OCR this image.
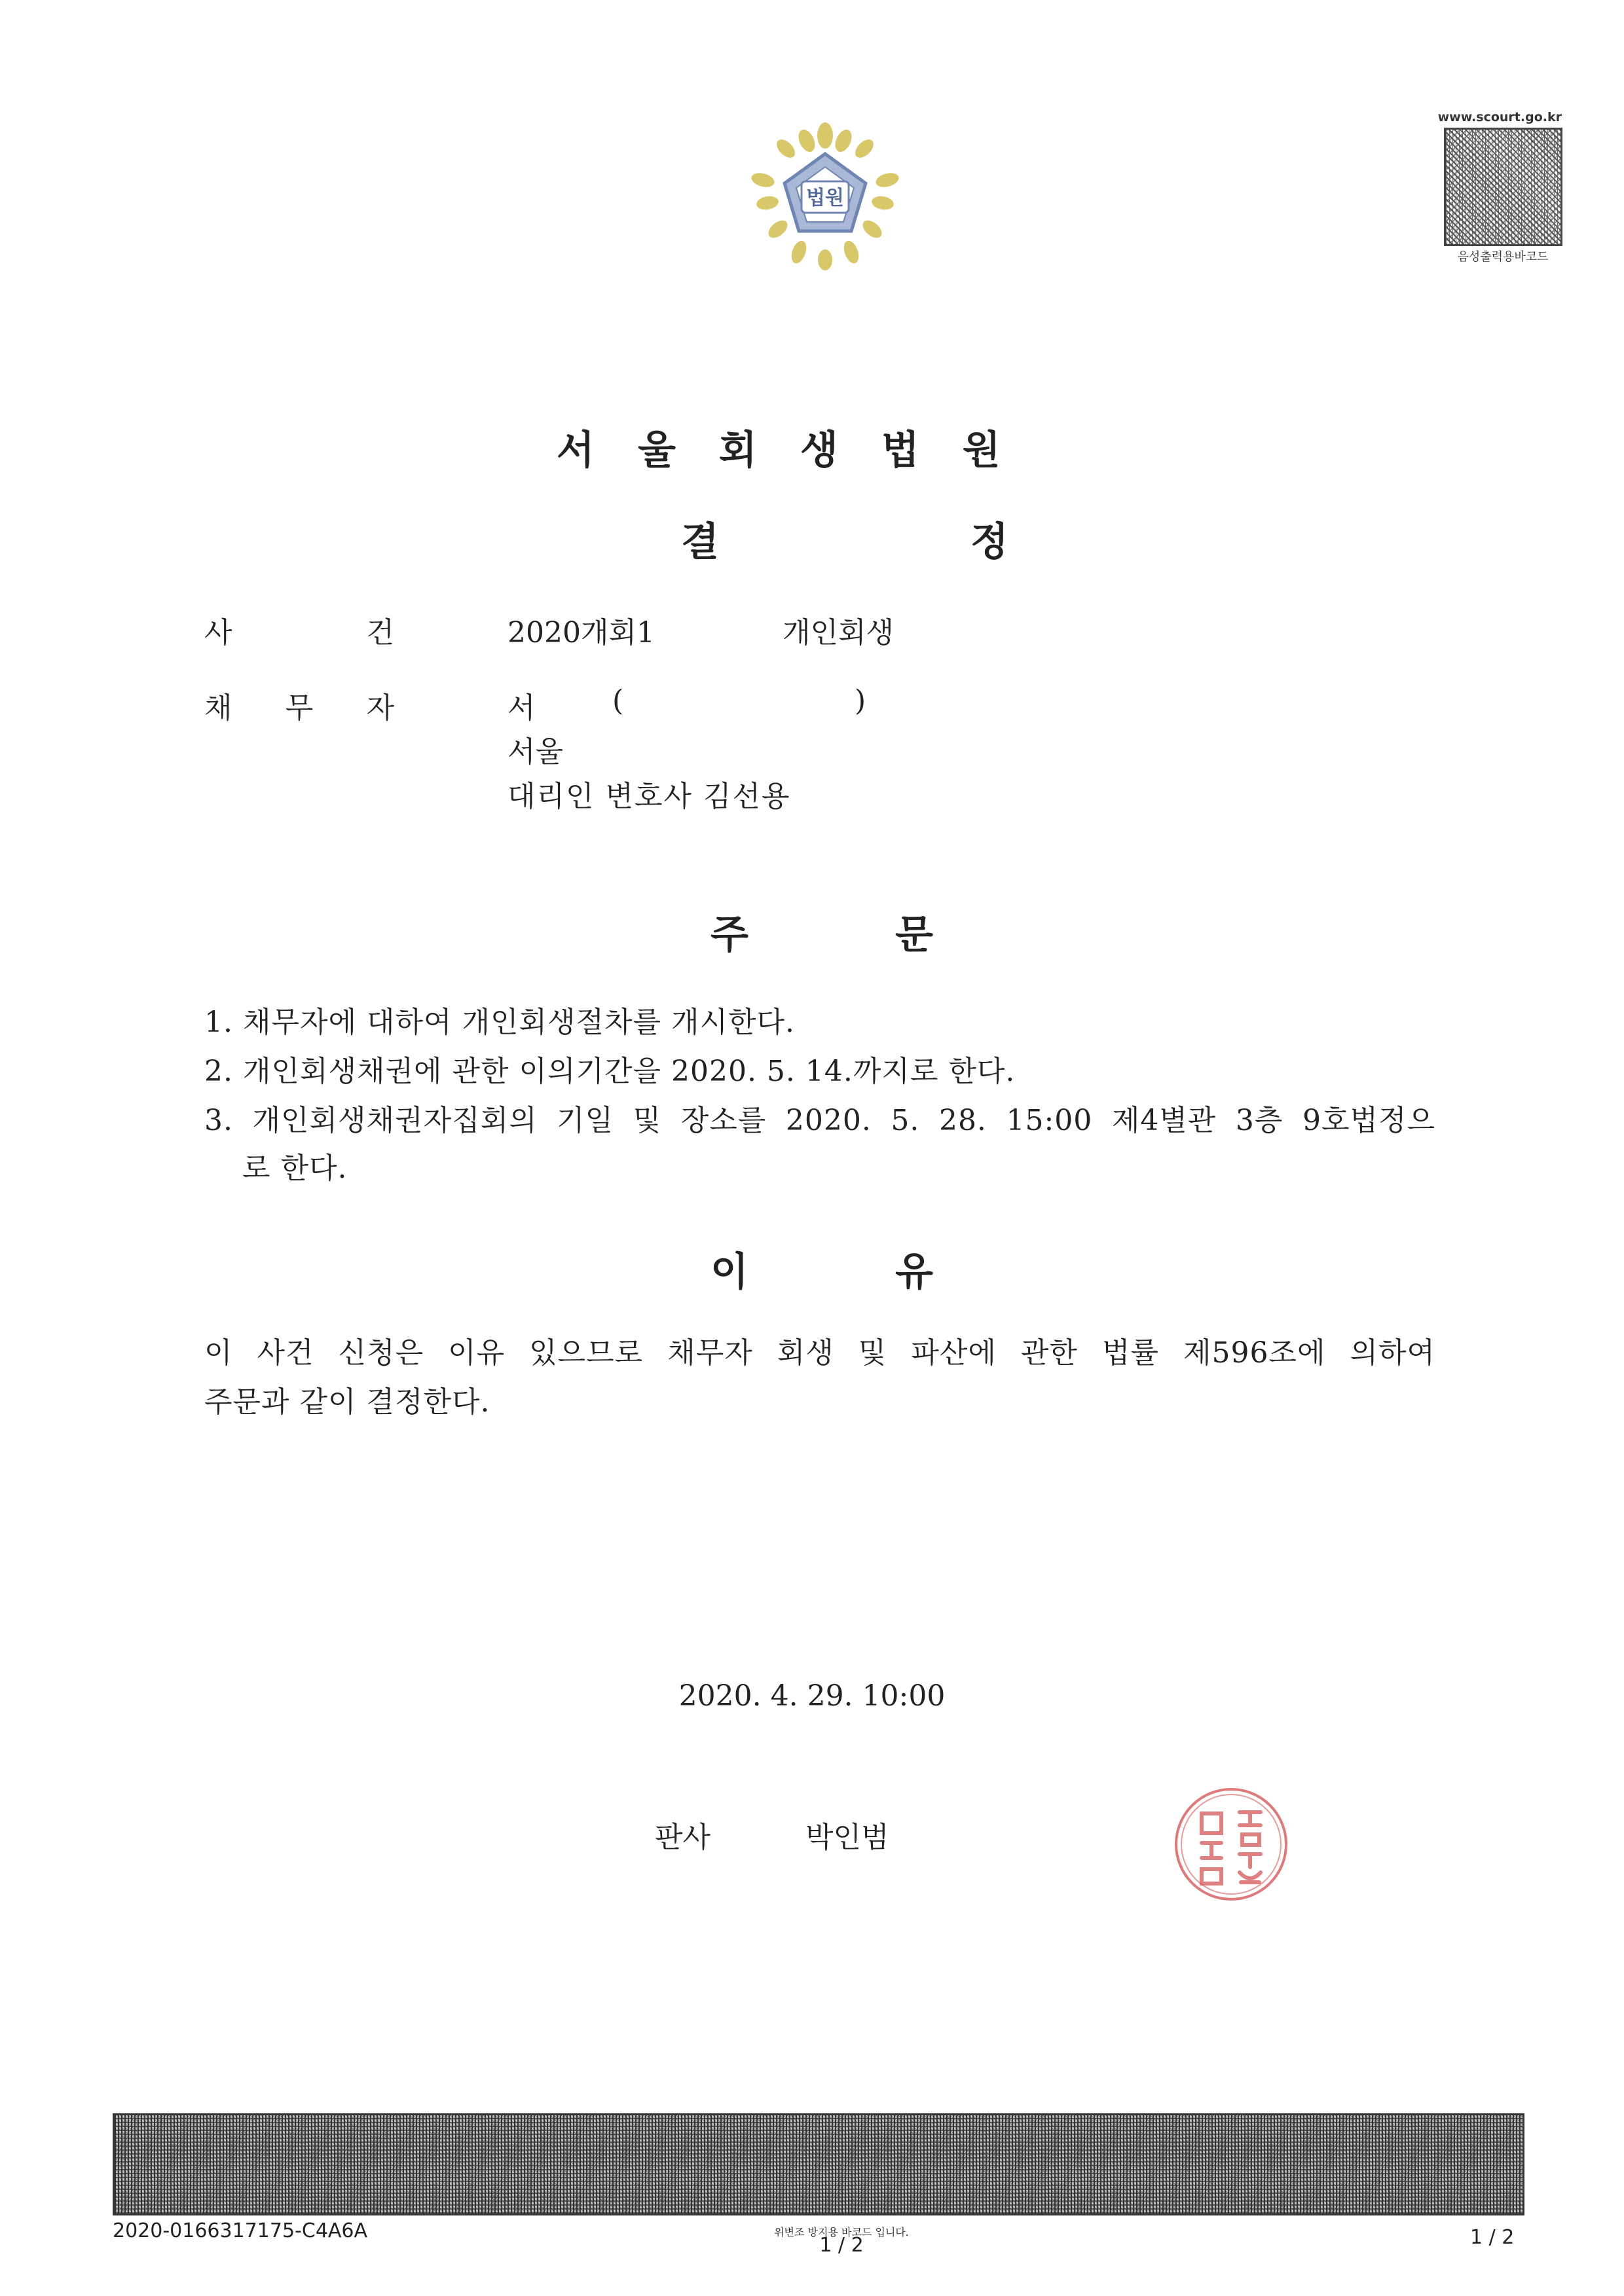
법원
www.scourt.go.kr
음성출력용바코드
서울회생법원
결	정
사	건	2020개회1	개인회생
채 무 자	서	(	)
서울
대리인 변호사 김선용
주	문
1. 채무자에 대하여 개인회생절차를 개시한다.
2. 개인회생채권에 관한 이의기간을 2020. 5. 14.까지로 한다.
3. 개인회생채권자집회의 기일 및 장소를 2020. 5. 28. 15:00 제4별관 3층 9호법정으
로 한다.
이	유
이 사건 신청은 이유 있으므로 채무자 회생 및 파산에 관한 법률 제596조에 의하여
주문과 같이 결정한다.
2020. 4. 29. 10:00
판사	박인범
2020-0166317175-C4A6A	위변조 방지용 바코드 입니다.
1 / 2	1 / 2
